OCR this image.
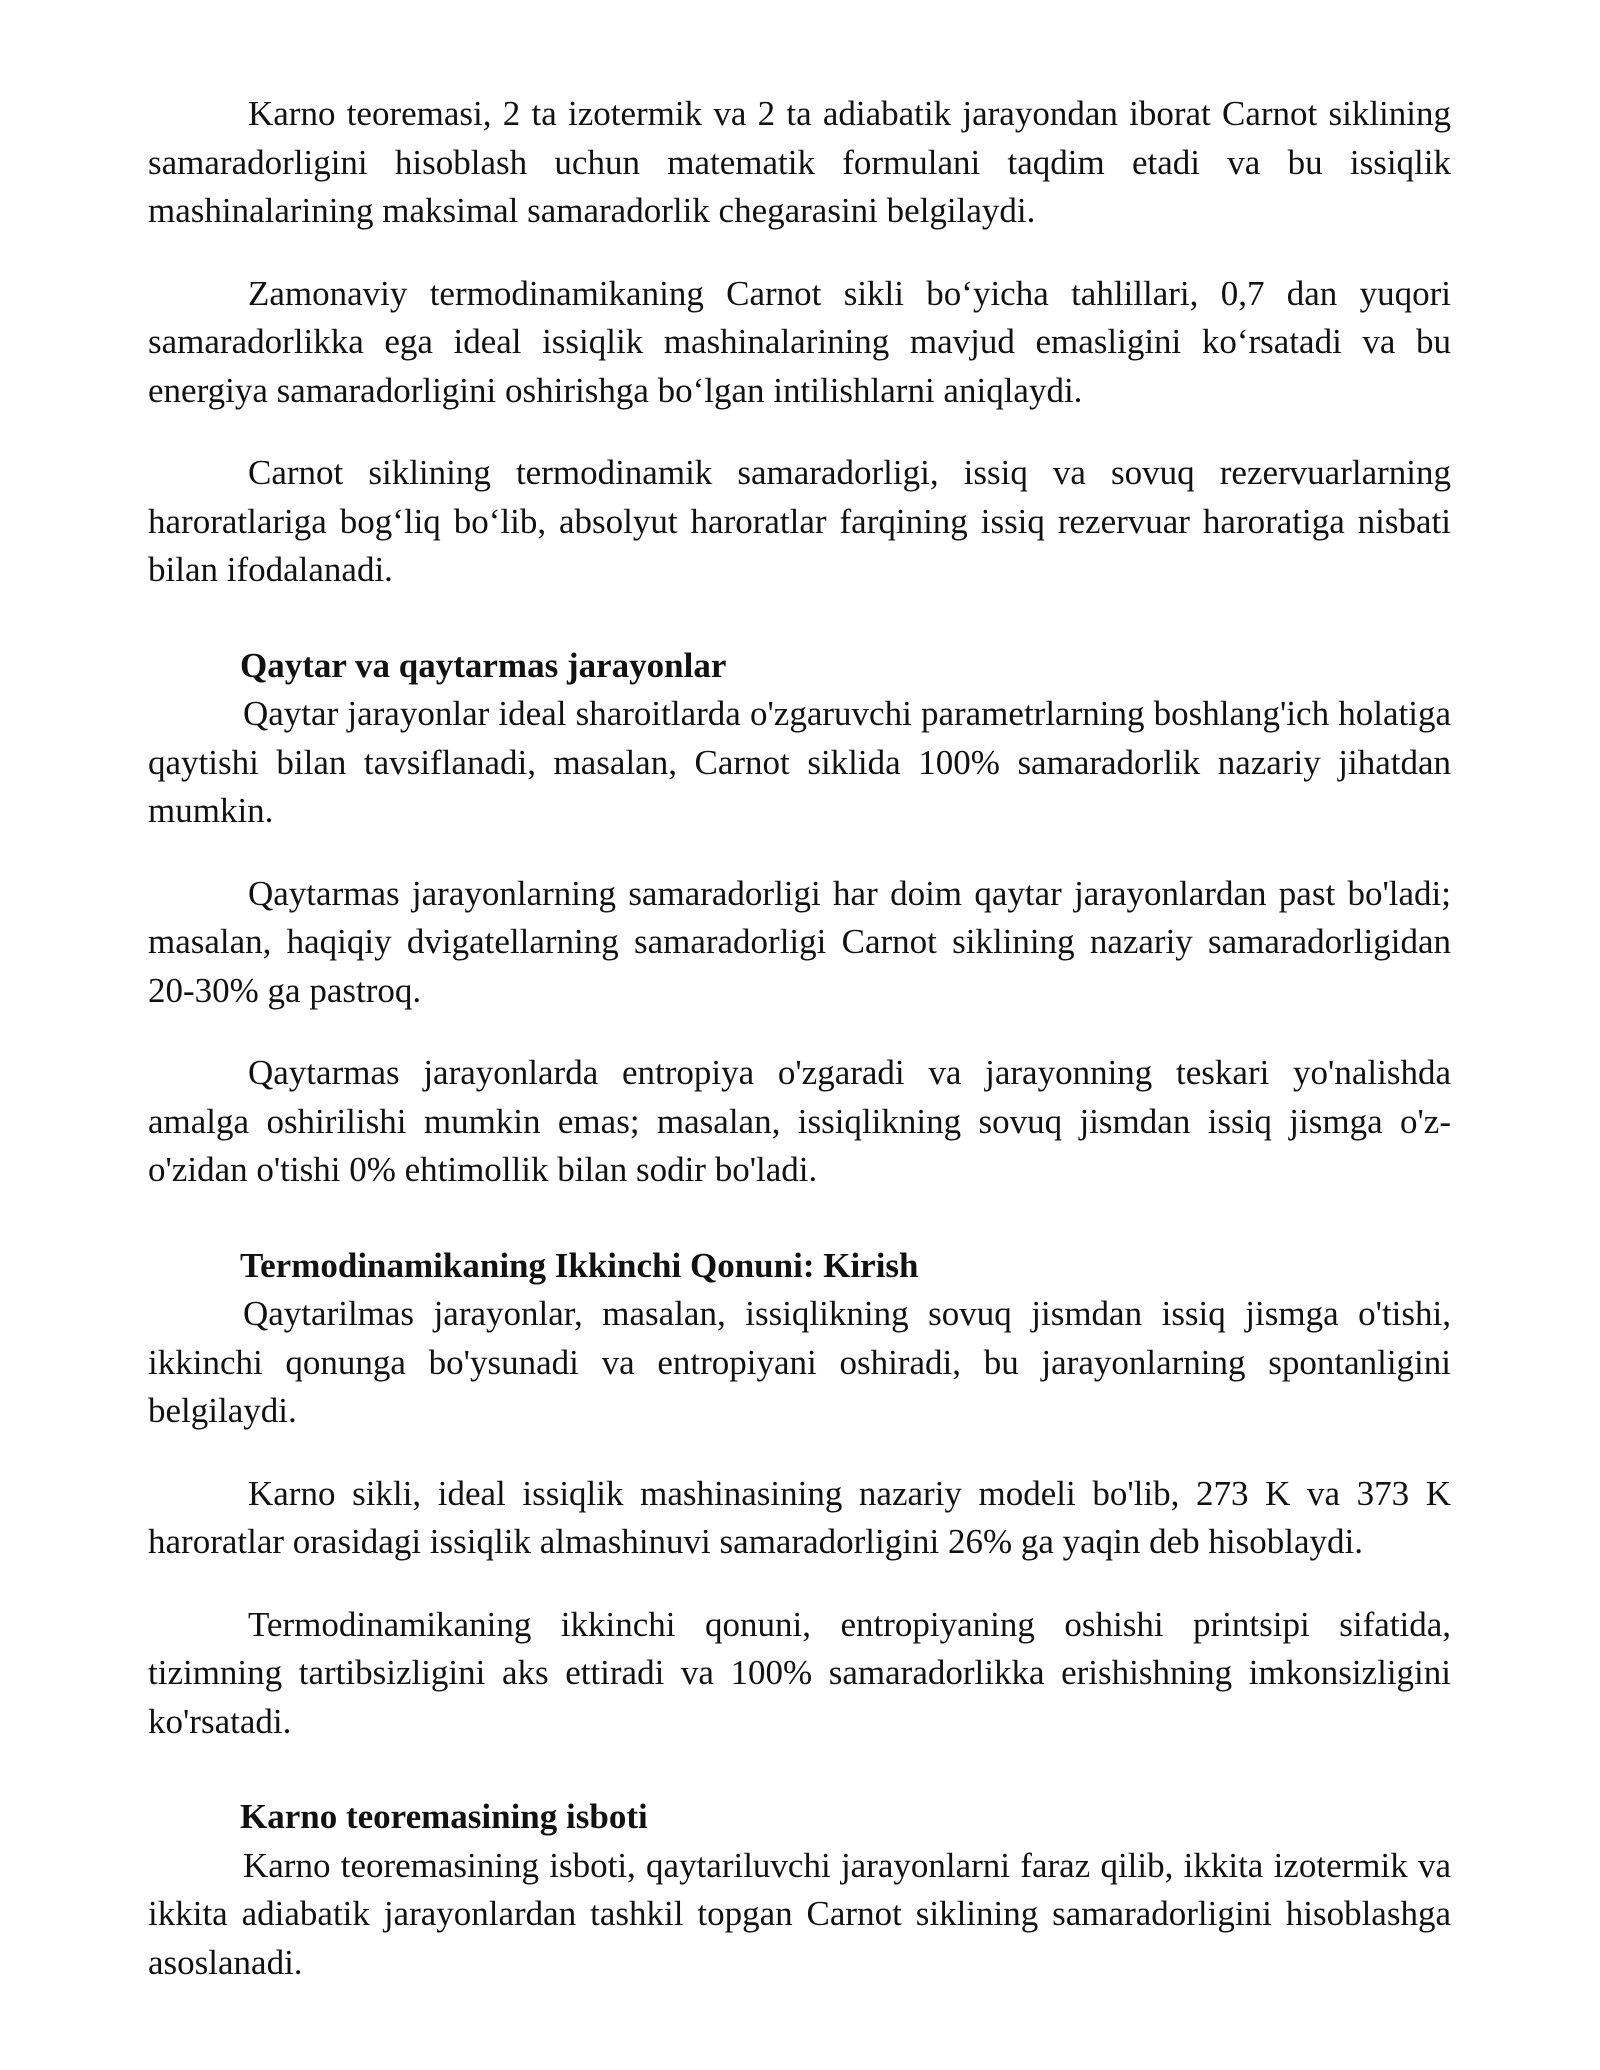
Karno teoremasi, 2 ta izotermik va 2 ta adiabatik jarayondan iborat Carnot siklining samaradorligini hisoblash uchun matematik formulani taqdim etadi va bu issiqlik mashinalarining maksimal samaradorlik chegarasini belgilaydi.

Zamonaviy termodinamikaning Carnot sikli bo‘yicha tahlillari, 0,7 dan yuqori samaradorlikka ega ideal issiqlik mashinalarining mavjud emasligini ko‘rsatadi va bu energiya samaradorligini oshirishga bo‘lgan intilishlarni aniqlaydi.

Carnot siklining termodinamik samaradorligi, issiq va sovuq rezervuarlarning haroratlariga bog‘liq bo‘lib, absolyut haroratlar farqining issiq rezervuar haroratiga nisbati bilan ifodalanadi.

Qaytar va qaytarmas jarayonlar

Qaytar jarayonlar ideal sharoitlarda o'zgaruvchi parametrlarning boshlang'ich holatiga qaytishi bilan tavsiflanadi, masalan, Carnot siklida 100% samaradorlik nazariy jihatdan mumkin.

Qaytarmas jarayonlarning samaradorligi har doim qaytar jarayonlardan past bo'ladi; masalan, haqiqiy dvigatellarning samaradorligi Carnot siklining nazariy samaradorligidan 20-30% ga pastroq.

Qaytarmas jarayonlarda entropiya o'zgaradi va jarayonning teskari yo'nalishda amalga oshirilishi mumkin emas; masalan, issiqlikning sovuq jismdan issiq jismga o'z-o'zidan o'tishi 0% ehtimollik bilan sodir bo'ladi.

Termodinamikaning Ikkinchi Qonuni: Kirish

Qaytarilmas jarayonlar, masalan, issiqlikning sovuq jismdan issiq jismga o'tishi, ikkinchi qonunga bo'ysunadi va entropiyani oshiradi, bu jarayonlarning spontanligini belgilaydi.

Karno sikli, ideal issiqlik mashinasining nazariy modeli bo'lib, 273 K va 373 K haroratlar orasidagi issiqlik almashinuvi samaradorligini 26% ga yaqin deb hisoblaydi.

Termodinamikaning ikkinchi qonuni, entropiyaning oshishi printsipi sifatida, tizimning tartibsizligini aks ettiradi va 100% samaradorlikka erishishning imkonsizligini ko'rsatadi.

Karno teoremasining isboti

Karno teoremasining isboti, qaytariluvchi jarayonlarni faraz qilib, ikkita izotermik va ikkita adiabatik jarayonlardan tashkil topgan Carnot siklining samaradorligini hisoblashga asoslanadi.
